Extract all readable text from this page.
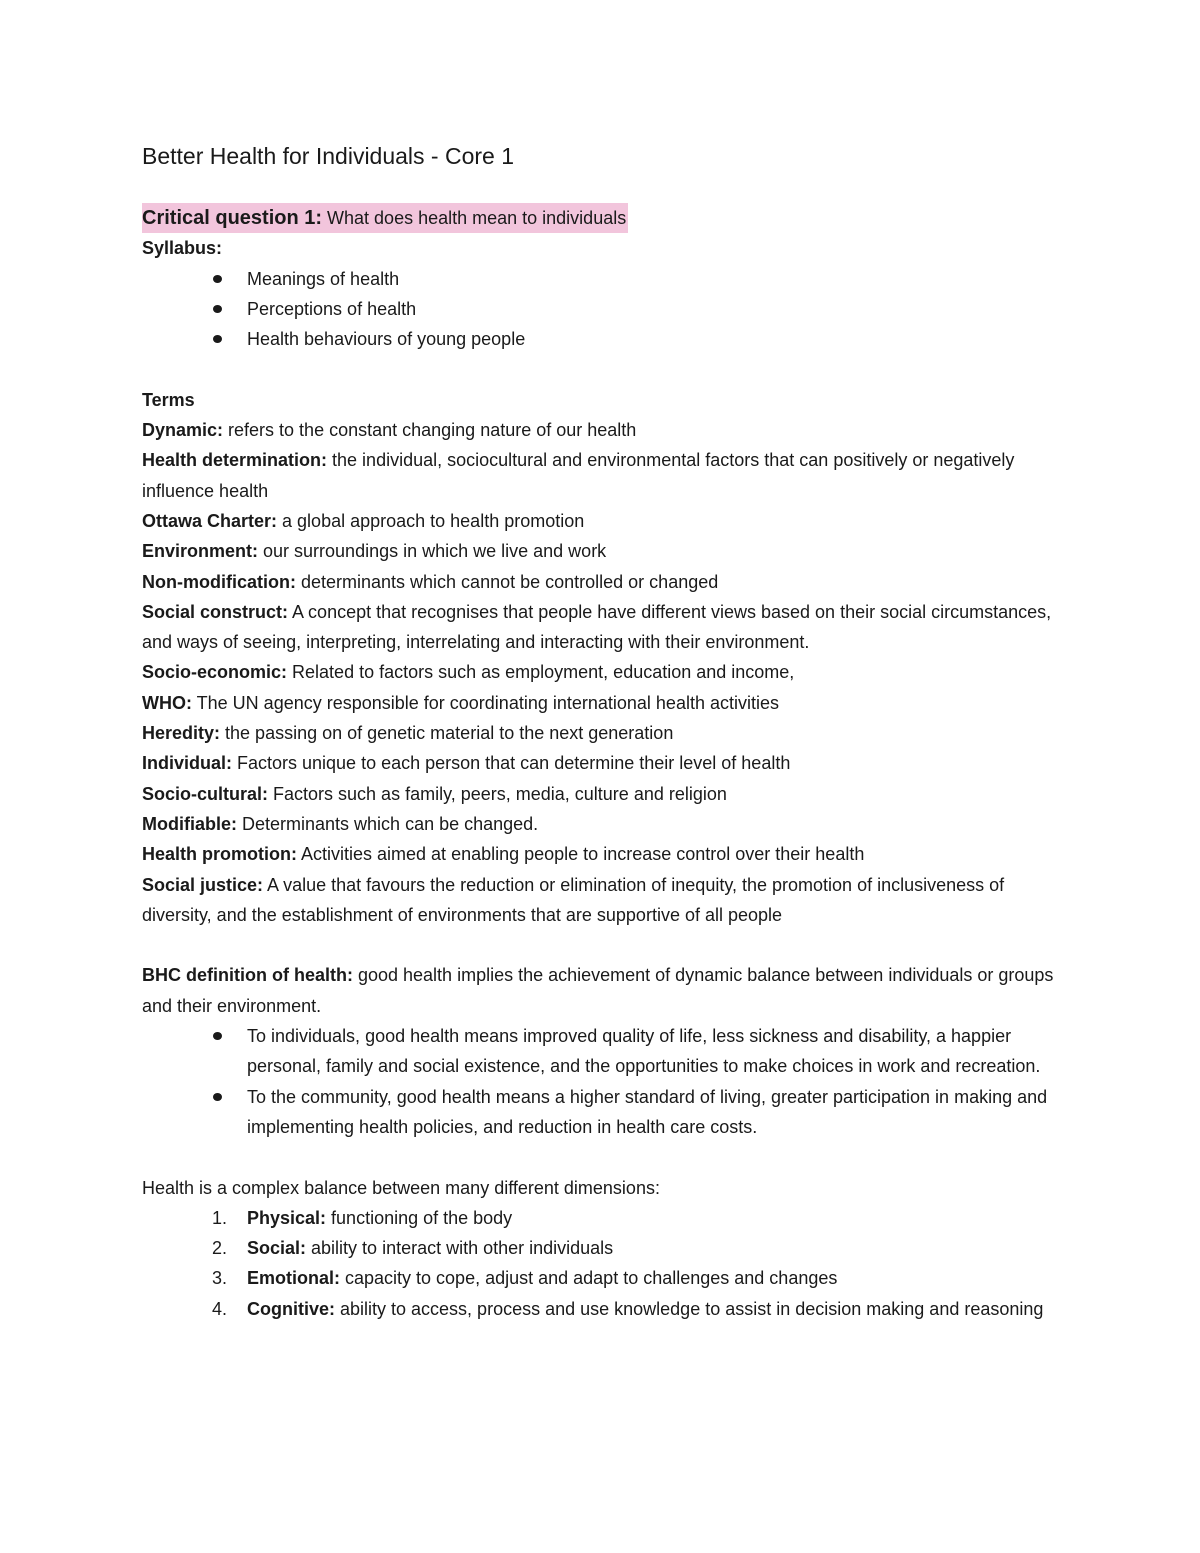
Better Health for Individuals - Core 1

Critical question 1: What does health mean to individuals

Syllabus:

Meanings of health
Perceptions of health
Health behaviours of young people

Terms

Dynamic: refers to the constant changing nature of our health

Health determination: the individual, sociocultural and environmental factors that can positively or negatively influence health

Ottawa Charter: a global approach to health promotion

Environment: our surroundings in which we live and work

Non-modification: determinants which cannot be controlled or changed

Social construct: A concept that recognises that people have different views based on their social circumstances, and ways of seeing, interpreting, interrelating and interacting with their environment.

Socio-economic: Related to factors such as employment, education and income,

WHO: The UN agency responsible for coordinating international health activities

Heredity: the passing on of genetic material to the next generation

Individual: Factors unique to each person that can determine their level of health

Socio-cultural: Factors such as family, peers, media, culture and religion

Modifiable: Determinants which can be changed.

Health promotion: Activities aimed at enabling people to increase control over their health

Social justice: A value that favours the reduction or elimination of inequity, the promotion of inclusiveness of diversity, and the establishment of environments that are supportive of all people

BHC definition of health: good health implies the achievement of dynamic balance between individuals or groups and their environment.

To individuals, good health means improved quality of life, less sickness and disability, a happier personal, family and social existence, and the opportunities to make choices in work and recreation.
To the community, good health means a higher standard of living, greater participation in making and implementing health policies, and reduction in health care costs.

Health is a complex balance between many different dimensions:

1. Physical: functioning of the body
2. Social: ability to interact with other individuals
3. Emotional: capacity to cope, adjust and adapt to challenges and changes
4. Cognitive: ability to access, process and use knowledge to assist in decision making and reasoning
